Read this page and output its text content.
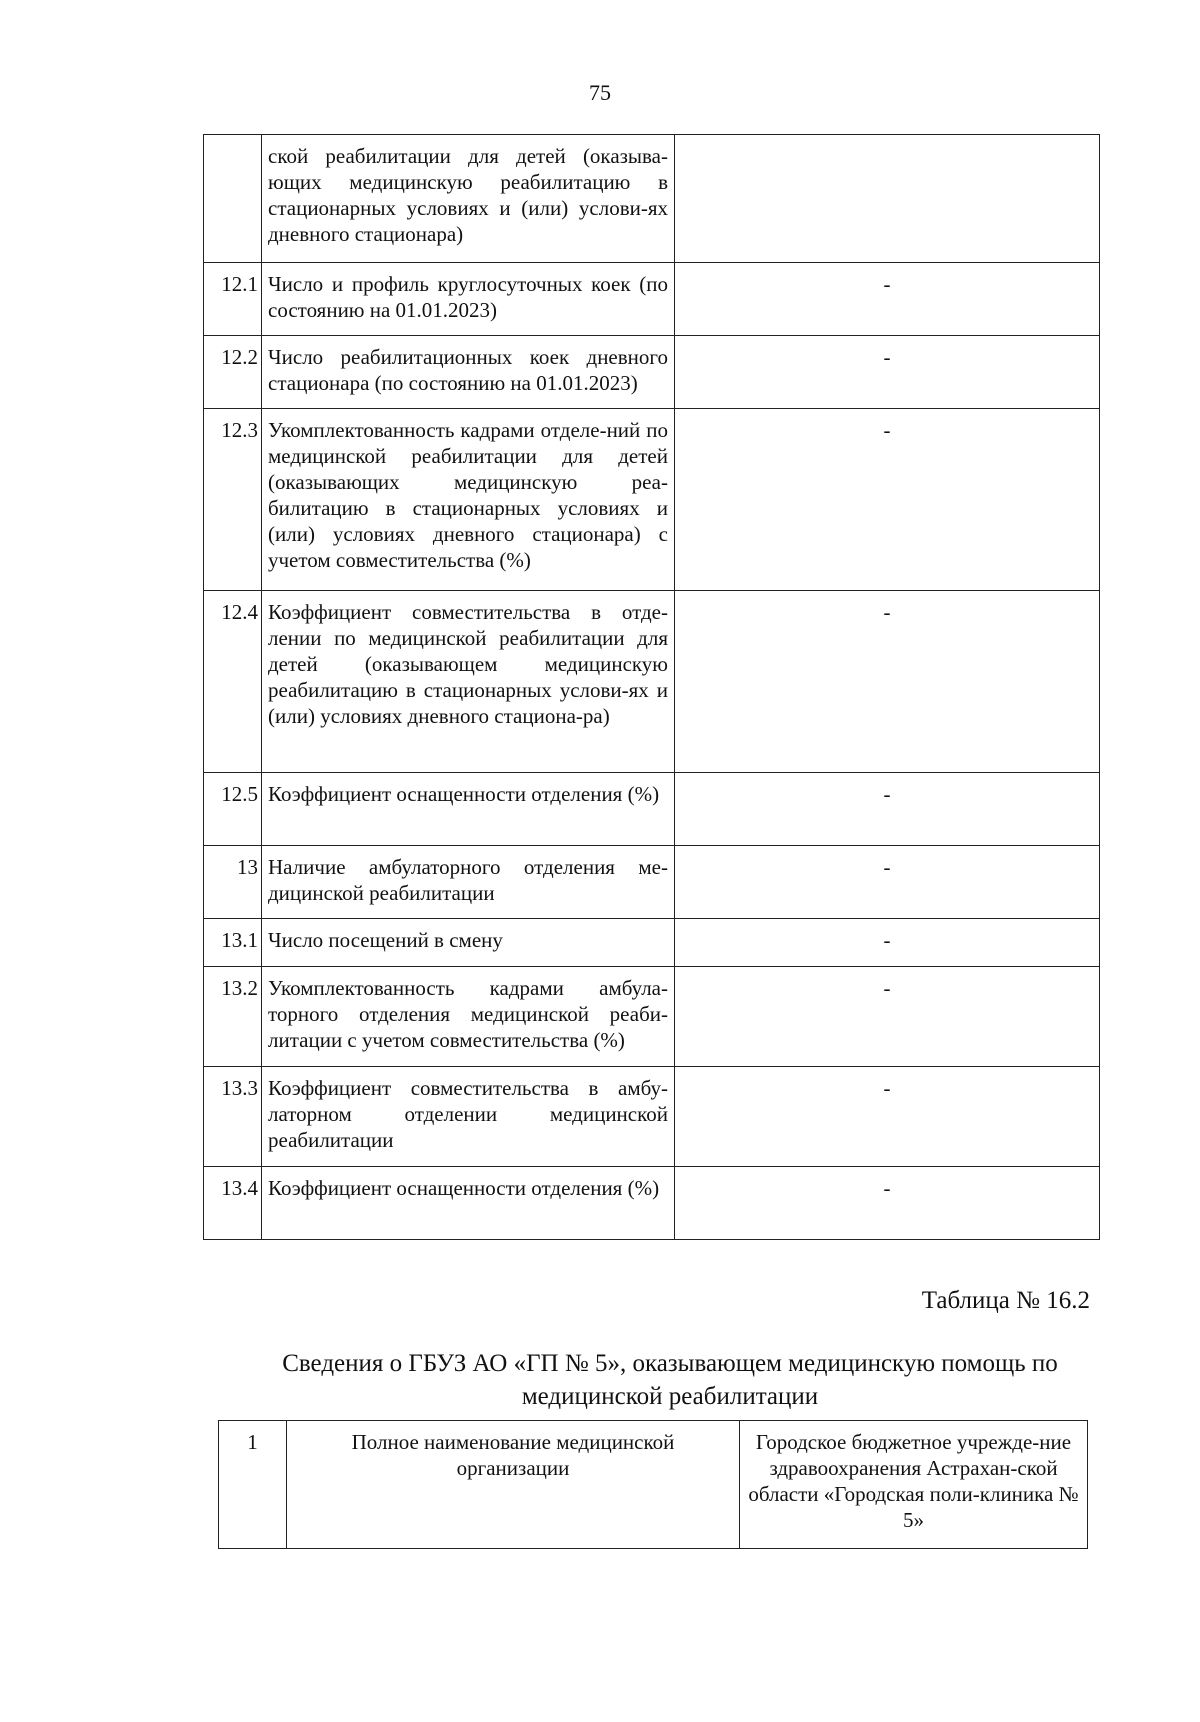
75
	ской реабилитации для детей (оказыва-ющих медицинскую реабилитацию в стационарных условиях и (или) услови-ях дневного стационара)	
12.1	Число и профиль круглосуточных коек (по состоянию на 01.01.2023)	-
12.2	Число реабилитационных коек дневного стационара (по состоянию на 01.01.2023)	-
12.3	Укомплектованность кадрами отделе-ний по медицинской реабилитации для детей (оказывающих медицинскую реа-билитацию в стационарных условиях и (или) условиях дневного стационара) с учетом совместительства (%)	-
12.4	Коэффициент совместительства в отде-лении по медицинской реабилитации для детей (оказывающем медицинскую реабилитацию в стационарных услови-ях и (или) условиях дневного стациона-ра)	-
12.5	Коэффициент оснащенности отделения (%)	-
13	Наличие амбулаторного отделения ме-дицинской реабилитации	-
13.1	Число посещений в смену	-
13.2	Укомплектованность кадрами амбула-торного отделения медицинской реаби-литации с учетом совместительства (%)	-
13.3	Коэффициент совместительства в амбу-латорном отделении медицинской реабилитации	-
13.4	Коэффициент оснащенности отделения (%)	-
Таблица № 16.2
Сведения о ГБУЗ АО «ГП № 5», оказывающем медицинскую помощь по медицинской реабилитации
1	Полное наименование медицинской организации	Городское бюджетное учрежде-ние здравоохранения Астрахан-ской области «Городская поли-клиника № 5»
